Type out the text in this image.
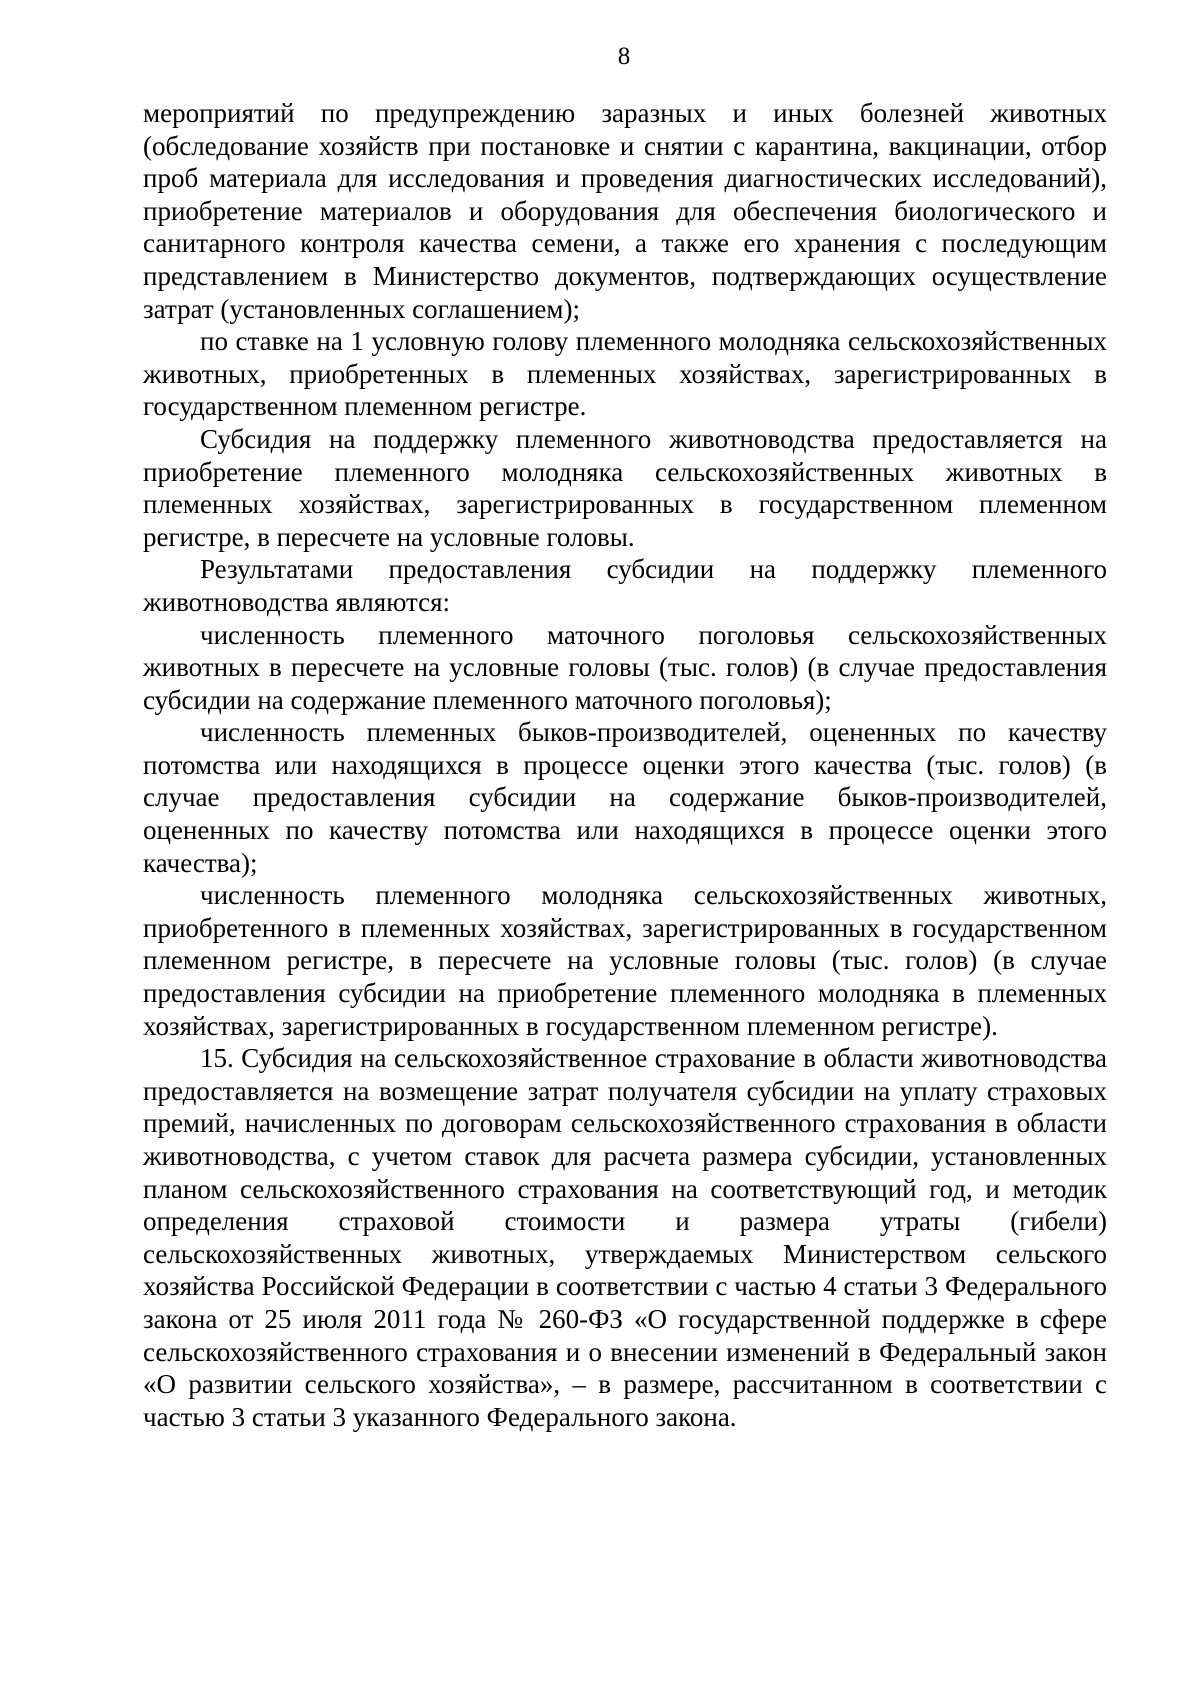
8

мероприятий по предупреждению заразных и иных болезней животных (обследование хозяйств при постановке и снятии с карантина, вакцинации, отбор проб материала для исследования и проведения диагностических исследований), приобретение материалов и оборудования для обеспечения биологического и санитарного контроля качества семени, а также его хранения с последующим представлением в Министерство документов, подтверждающих осуществление затрат (установленных соглашением);

по ставке на 1 условную голову племенного молодняка сельскохозяйственных животных, приобретенных в племенных хозяйствах, зарегистрированных в государственном племенном регистре.

Субсидия на поддержку племенного животноводства предоставляется на приобретение племенного молодняка сельскохозяйственных животных в племенных хозяйствах, зарегистрированных в государственном племенном регистре, в пересчете на условные головы.

Результатами предоставления субсидии на поддержку племенного животноводства являются:

численность племенного маточного поголовья сельскохозяйственных животных в пересчете на условные головы (тыс. голов) (в случае предоставления субсидии на содержание племенного маточного поголовья);

численность племенных быков-производителей, оцененных по качеству потомства или находящихся в процессе оценки этого качества (тыс. голов) (в случае предоставления субсидии на содержание быков-производителей, оцененных по качеству потомства или находящихся в процессе оценки этого качества);

численность племенного молодняка сельскохозяйственных животных, приобретенного в племенных хозяйствах, зарегистрированных в государственном племенном регистре, в пересчете на условные головы (тыс. голов) (в случае предоставления субсидии на приобретение племенного молодняка в племенных хозяйствах, зарегистрированных в государственном племенном регистре).

15. Субсидия на сельскохозяйственное страхование в области животноводства предоставляется на возмещение затрат получателя субсидии на уплату страховых премий, начисленных по договорам сельскохозяйственного страхования в области животноводства, с учетом ставок для расчета размера субсидии, установленных планом сельскохозяйственного страхования на соответствующий год, и методик определения страховой стоимости и размера утраты (гибели) сельскохозяйственных животных, утверждаемых Министерством сельского хозяйства Российской Федерации в соответствии с частью 4 статьи 3 Федерального закона от 25 июля 2011 года № 260-ФЗ «О государственной поддержке в сфере сельскохозяйственного страхования и о внесении изменений в Федеральный закон «О развитии сельского хозяйства», – в размере, рассчитанном в соответствии с частью 3 статьи 3 указанного Федерального закона.
